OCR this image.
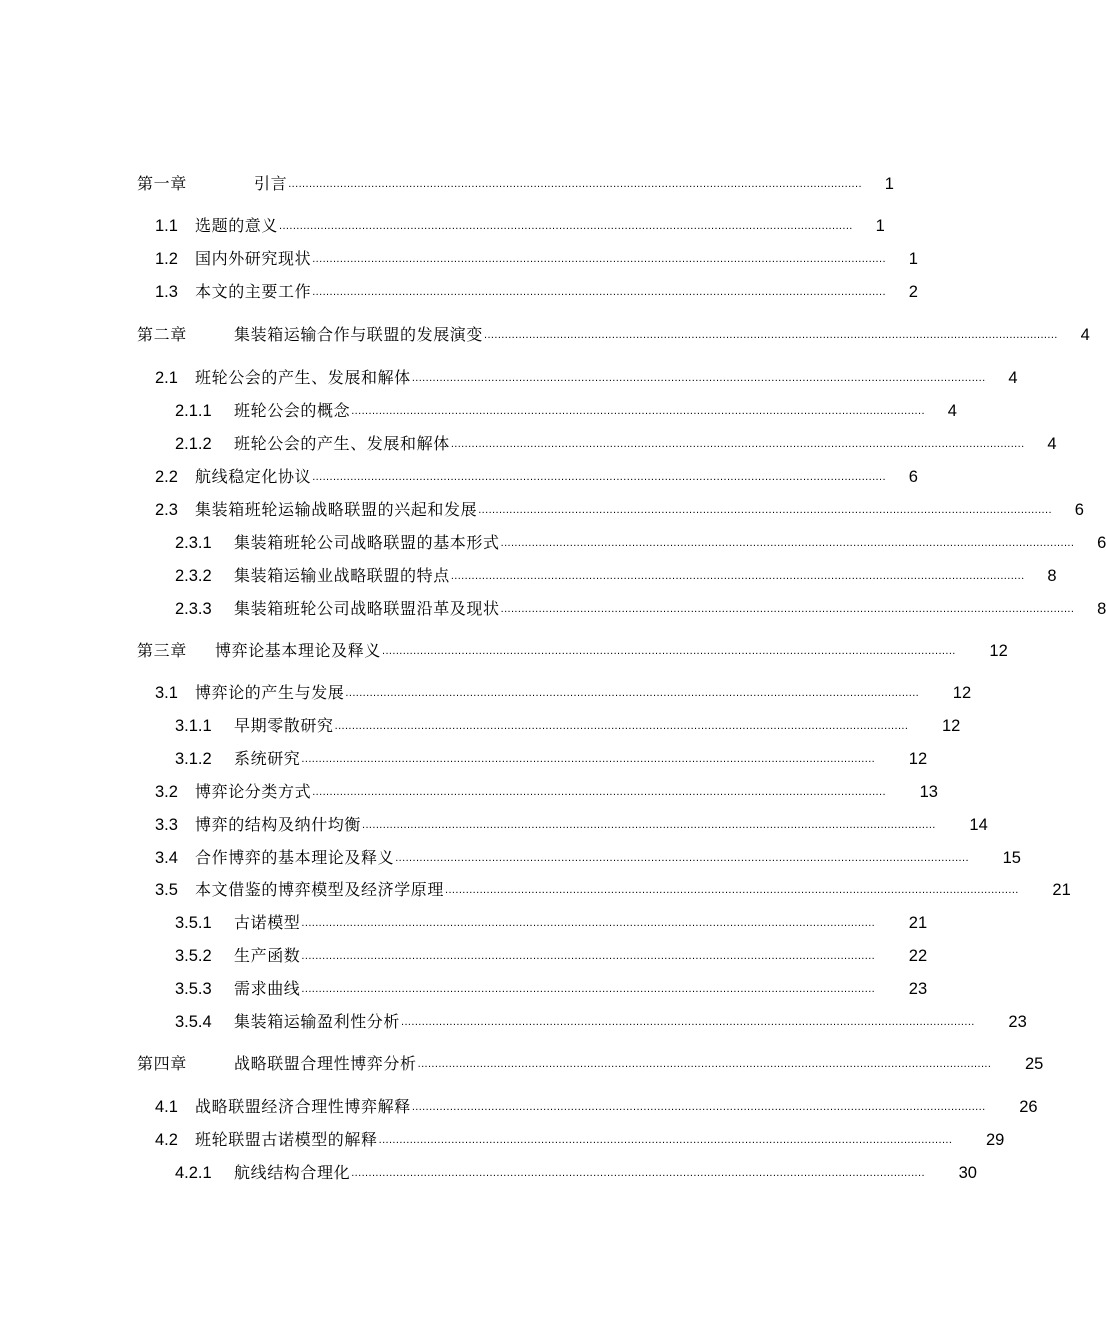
第一章	引言 ......................................................................................................................................................................	1
1.1	选题的意义 ......................................................................................................................................................................	1
1.2	国内外研究现状 ......................................................................................................................................................................	1
1.3	本文的主要工作 ......................................................................................................................................................................	2
第二章	集装箱运输合作与联盟的发展演变 ......................................................................................................................................................................	4
2.1	班轮公会的产生、发展和解体 ......................................................................................................................................................................	4
2.1.1	班轮公会的概念 ......................................................................................................................................................................	4
2.1.2	班轮公会的产生、发展和解体 ......................................................................................................................................................................	4
2.2	航线稳定化协议 ......................................................................................................................................................................	6
2.3	集装箱班轮运输战略联盟的兴起和发展 ......................................................................................................................................................................	6
2.3.1	集装箱班轮公司战略联盟的基本形式 ......................................................................................................................................................................	6
2.3.2	集装箱运输业战略联盟的特点 ......................................................................................................................................................................	8
2.3.3	集装箱班轮公司战略联盟沿革及现状 ......................................................................................................................................................................	8
第三章	博弈论基本理论及释义 ......................................................................................................................................................................	12
3.1	博弈论的产生与发展 ......................................................................................................................................................................	12
3.1.1	早期零散研究 ......................................................................................................................................................................	12
3.1.2	系统研究 ......................................................................................................................................................................	12
3.2	博弈论分类方式 ......................................................................................................................................................................	13
3.3	博弈的结构及纳什均衡 ......................................................................................................................................................................	14
3.4	合作博弈的基本理论及释义 ......................................................................................................................................................................	15
3.5	本文借鉴的博弈模型及经济学原理 ......................................................................................................................................................................	21
3.5.1	古诺模型 ......................................................................................................................................................................	21
3.5.2	生产函数 ......................................................................................................................................................................	22
3.5.3	需求曲线 ......................................................................................................................................................................	23
3.5.4	集装箱运输盈利性分析 ......................................................................................................................................................................	23
第四章	战略联盟合理性博弈分析 ......................................................................................................................................................................	25
4.1	战略联盟经济合理性博弈解释 ......................................................................................................................................................................	26
4.2	班轮联盟古诺模型的解释 ......................................................................................................................................................................	29
4.2.1	航线结构合理化 ......................................................................................................................................................................	30
